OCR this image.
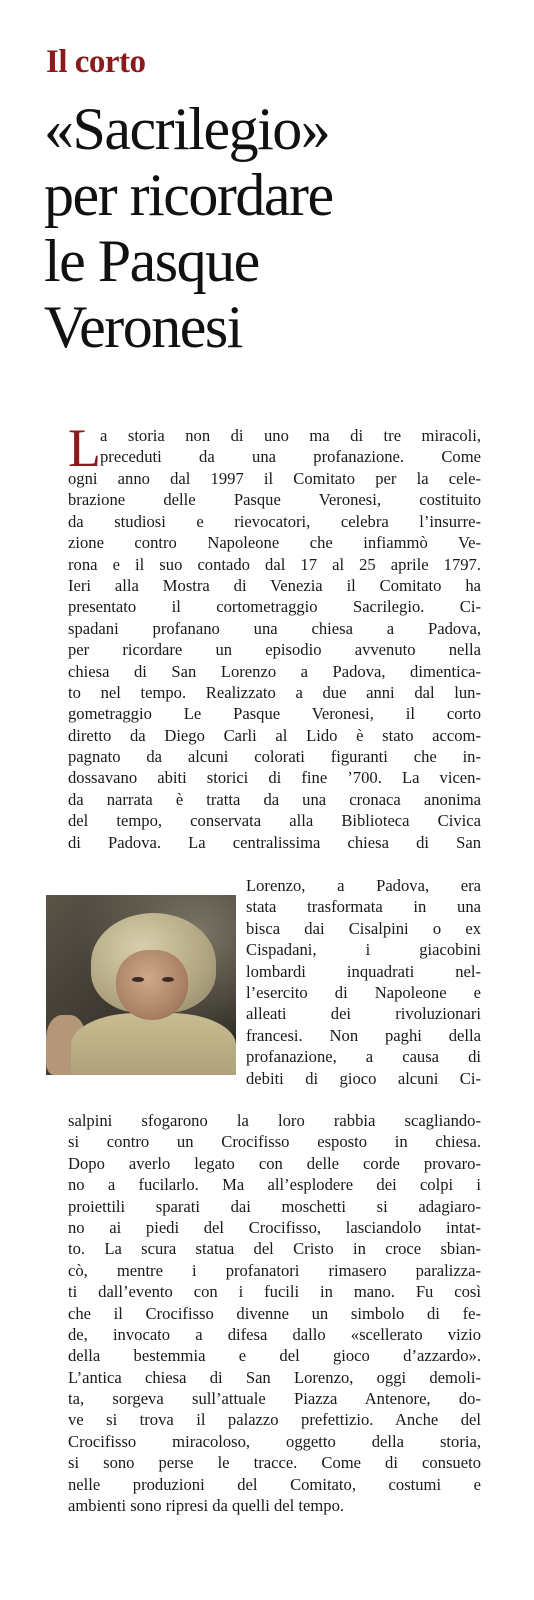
Il corto
«Sacrilegio»
per ricordare
le Pasque
Veronesi
L a storia non di uno ma di tre miracoli,
preceduti da una profanazione. Come
ogni anno dal 1997 il Comitato per la cele-
brazione delle Pasque Veronesi, costituito
da studiosi e rievocatori, celebra l’insurre-
zione contro Napoleone che infiammò Ve-
rona e il suo contado dal 17 al 25 aprile 1797.
Ieri alla Mostra di Venezia il Comitato ha
presentato il cortometraggio Sacrilegio. Ci-
spadani profanano una chiesa a Padova,
per ricordare un episodio avvenuto nella
chiesa di San Lorenzo a Padova, dimentica-
to nel tempo. Realizzato a due anni dal lun-
gometraggio Le Pasque Veronesi, il corto
diretto da Diego Carli al Lido è stato accom-
pagnato da alcuni colorati figuranti che in-
dossavano abiti storici di fine ’700. La vicen-
da narrata è tratta da una cronaca anonima
del tempo, conservata alla Biblioteca Civica
di Padova. La centralissima chiesa di San
Lorenzo, a Padova, era
stata trasformata in una
bisca dai Cisalpini o ex
Cispadani, i giacobini
lombardi inquadrati nel-
l’esercito di Napoleone e
alleati dei rivoluzionari
francesi. Non paghi della
profanazione, a causa di
debiti di gioco alcuni Ci-
salpini sfogarono la loro rabbia scagliando-
si contro un Crocifisso esposto in chiesa.
Dopo averlo legato con delle corde provaro-
no a fucilarlo. Ma all’esplodere dei colpi i
proiettili sparati dai moschetti si adagiaro-
no ai piedi del Crocifisso, lasciandolo intat-
to. La scura statua del Cristo in croce sbian-
cò, mentre i profanatori rimasero paralizza-
ti dall’evento con i fucili in mano. Fu così
che il Crocifisso divenne un simbolo di fe-
de, invocato a difesa dallo «scellerato vizio
della bestemmia e del gioco d’azzardo».
L’antica chiesa di San Lorenzo, oggi demoli-
ta, sorgeva sull’attuale Piazza Antenore, do-
ve si trova il palazzo prefettizio. Anche del
Crocifisso miracoloso, oggetto della storia,
si sono perse le tracce. Come di consueto
nelle produzioni del Comitato, costumi e
ambienti sono ripresi da quelli del tempo.
